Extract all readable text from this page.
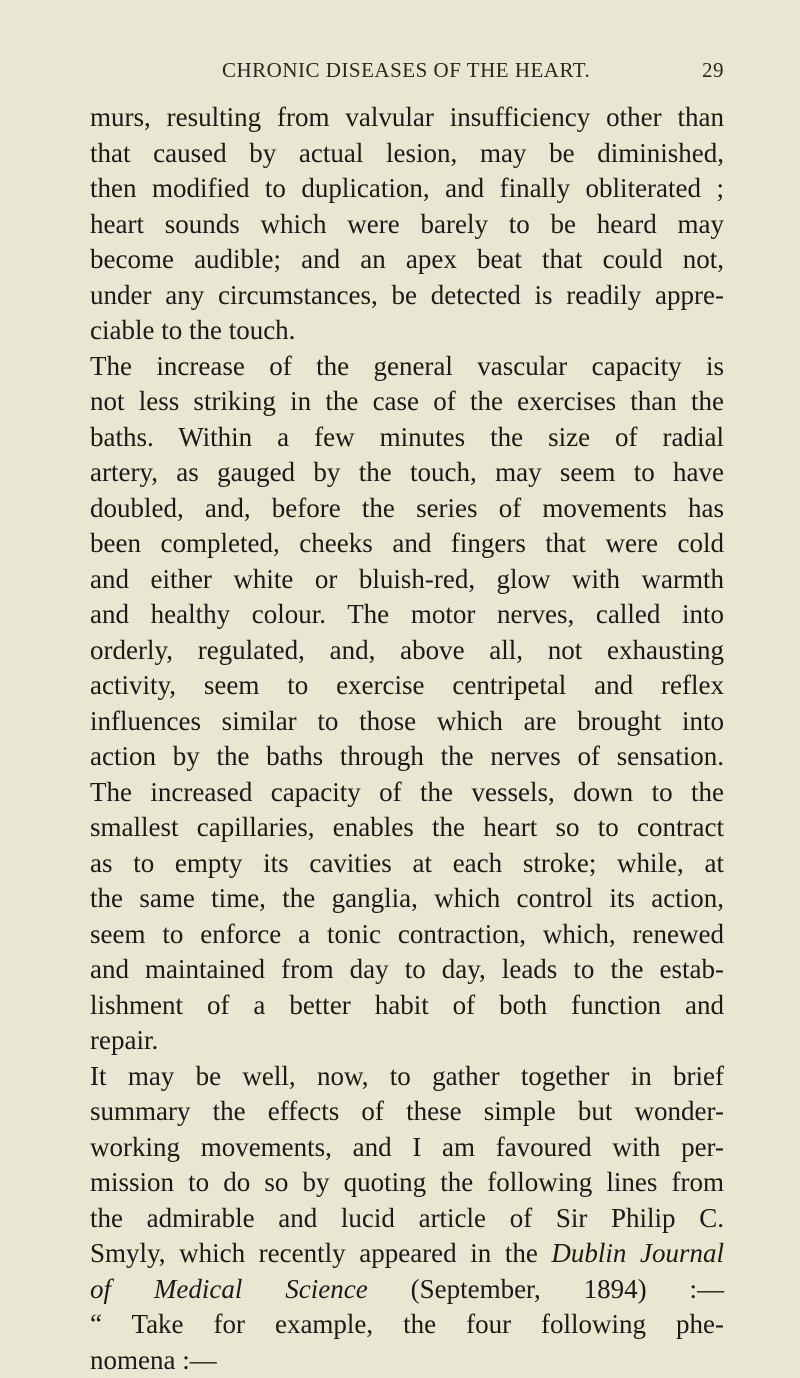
CHRONIC DISEASES OF THE HEART.	29
murs, resulting from valvular insufficiency other than
that caused by actual lesion, may be diminished,
then modified to duplication, and finally obliterated ;
heart sounds which were barely to be heard may
become audible; and an apex beat that could not,
under any circumstances, be detected is readily appre-
ciable to the touch.
The increase of the general vascular capacity is
not less striking in the case of the exercises than the
baths. Within a few minutes the size of radial
artery, as gauged by the touch, may seem to have
doubled, and, before the series of movements has
been completed, cheeks and fingers that were cold
and either white or bluish-red, glow with warmth
and healthy colour. The motor nerves, called into
orderly, regulated, and, above all, not exhausting
activity, seem to exercise centripetal and reflex
influences similar to those which are brought into
action by the baths through the nerves of sensation.
The increased capacity of the vessels, down to the
smallest capillaries, enables the heart so to contract
as to empty its cavities at each stroke; while, at
the same time, the ganglia, which control its action,
seem to enforce a tonic contraction, which, renewed
and maintained from day to day, leads to the estab-
lishment of a better habit of both function and
repair.
It may be well, now, to gather together in brief
summary the effects of these simple but wonder-
working movements, and I am favoured with per-
mission to do so by quoting the following lines from
the admirable and lucid article of Sir Philip C.
Smyly, which recently appeared in the Dublin Journal
of Medical Science (September, 1894) :—
“ Take for example, the four following phe-
nomena :—
